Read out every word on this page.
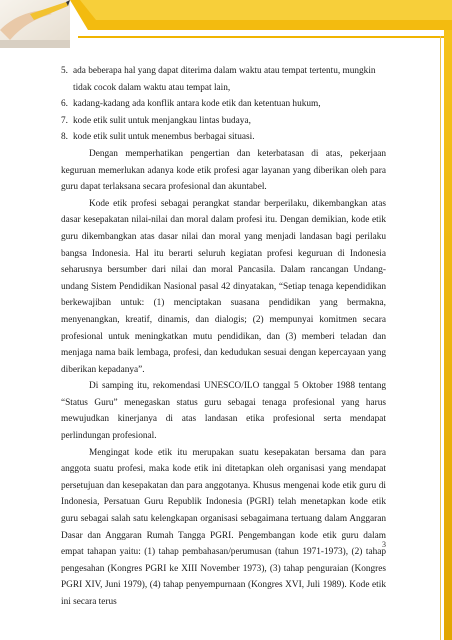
5. ada beberapa hal yang dapat diterima dalam waktu atau tempat tertentu, mungkin tidak cocok dalam waktu atau tempat lain,
6. kadang-kadang ada konflik antara kode etik dan ketentuan hukum,
7. kode etik sulit untuk menjangkau lintas budaya,
8. kode etik sulit untuk menembus berbagai situasi.

Dengan memperhatikan pengertian dan keterbatasan di atas, pekerjaan keguruan memerlukan adanya kode etik profesi agar layanan yang diberikan oleh para guru dapat terlaksana secara profesional dan akuntabel.

Kode etik profesi sebagai perangkat standar berperilaku, dikembangkan atas dasar kesepakatan nilai-nilai dan moral dalam profesi itu. Dengan demikian, kode etik guru dikembangkan atas dasar nilai dan moral yang menjadi landasan bagi perilaku bangsa Indonesia. Hal itu berarti seluruh kegiatan profesi keguruan di Indonesia seharusnya bersumber dari nilai dan moral Pancasila. Dalam rancangan Undang-undang Sistem Pendidikan Nasional pasal 42 dinyatakan, “Setiap tenaga kependidikan berkewajiban untuk: (1) menciptakan suasana pendidikan yang bermakna, menyenangkan, kreatif, dinamis, dan dialogis; (2) mempunyai komitmen secara profesional untuk meningkatkan mutu pendidikan, dan (3) memberi teladan dan menjaga nama baik lembaga, profesi, dan kedudukan sesuai dengan kepercayaan yang diberikan kepadanya”.

Di samping itu, rekomendasi UNESCO/ILO tanggal 5 Oktober 1988 tentang “Status Guru” menegaskan status guru sebagai tenaga profesional yang harus mewujudkan kinerjanya di atas landasan etika profesional serta mendapat perlindungan profesional.

Mengingat kode etik itu merupakan suatu kesepakatan bersama dan para anggota suatu profesi, maka kode etik ini ditetapkan oleh organisasi yang mendapat persetujuan dan kesepakatan dan para anggotanya. Khusus mengenai kode etik guru di Indonesia, Persatuan Guru Republik Indonesia (PGRI) telah menetapkan kode etik guru sebagai salah satu kelengkapan organisasi sebagaimana tertuang dalam Anggaran Dasar dan Anggaran Rumah Tangga PGRI. Pengembangan kode etik guru dalam empat tahapan yaitu: (1) tahap pembahasan/perumusan (tahun 1971-1973), (2) tahap pengesahan (Kongres PGRI ke XIII November 1973), (3) tahap penguraian (Kongres PGRI XIV, Juni 1979), (4) tahap penyempurnaan (Kongres XVI, Juli 1989). Kode etik ini secara terus

3
